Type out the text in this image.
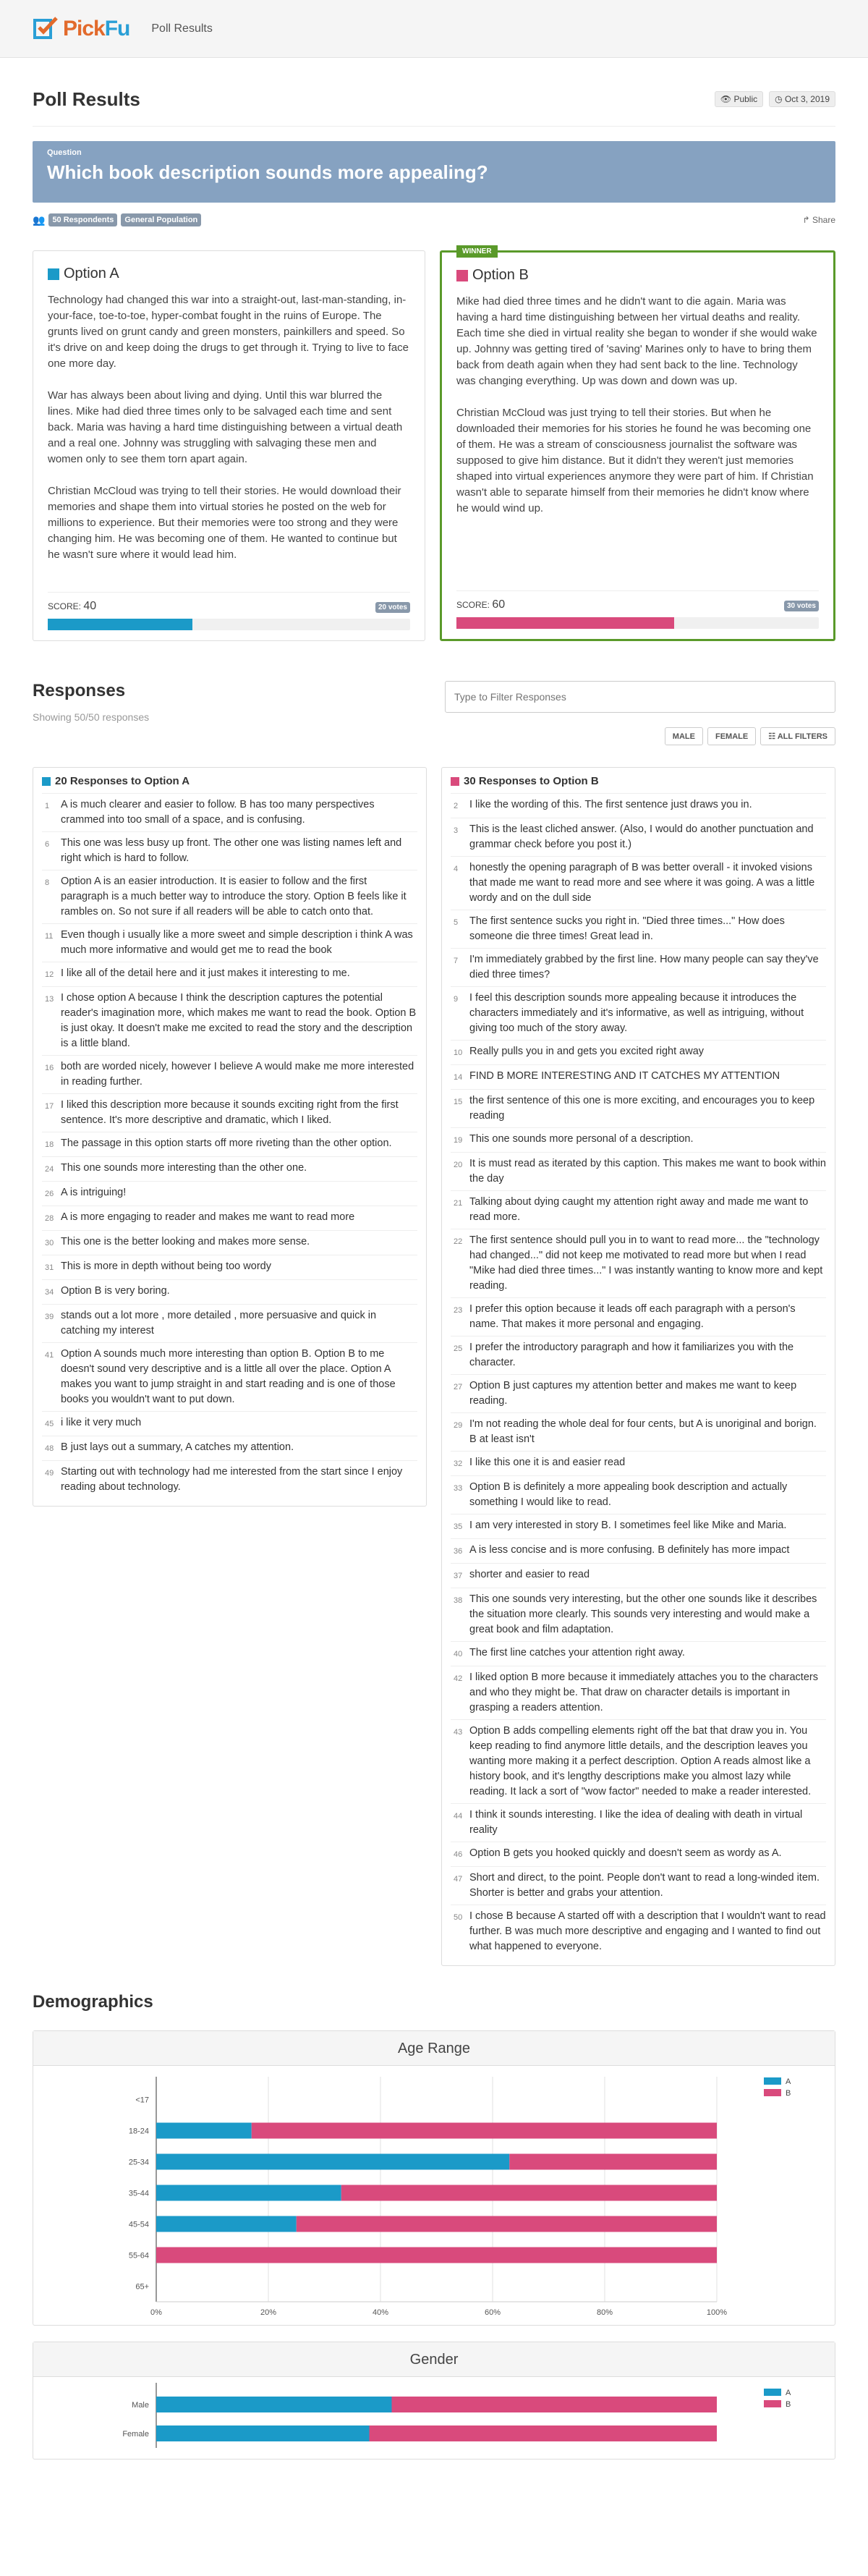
PickFu Poll Results
Poll Results	👁 Public	◷ Oct 3, 2019
Question
Which book description sounds more appealing?
👥 50 Respondents	General Population	↱ Share
Option A
Technology had changed this war into a straight-out, last-man-standing, in-your-face, toe-to-toe, hyper-combat fought in the ruins of Europe. The grunts lived on grunt candy and green monsters, painkillers and speed. So it's drive on and keep doing the drugs to get through it. Trying to live to face one more day.

War has always been about living and dying. Until this war blurred the lines. Mike had died three times only to be salvaged each time and sent back. Maria was having a hard time distinguishing between a virtual death and a real one. Johnny was struggling with salvaging these men and women only to see them torn apart again.

Christian McCloud was trying to tell their stories. He would download their memories and shape them into virtual stories he posted on the web for millions to experience. But their memories were too strong and they were changing him. He was becoming one of them. He wanted to continue but he wasn't sure where it would lead him.
SCORE: 40	20 votes
WINNER
Option B
Mike had died three times and he didn't want to die again. Maria was having a hard time distinguishing between her virtual deaths and reality. Each time she died in virtual reality she began to wonder if she would wake up. Johnny was getting tired of 'saving' Marines only to have to bring them back from death again when they had sent back to the line. Technology was changing everything. Up was down and down was up.

Christian McCloud was just trying to tell their stories. But when he downloaded their memories for his stories he found he was becoming one of them. He was a stream of consciousness journalist the software was supposed to give him distance. But it didn't they weren't just memories shaped into virtual experiences anymore they were part of him. If Christian wasn't able to separate himself from their memories he didn't know where he would wind up.
SCORE: 60	30 votes
Responses
Showing 50/50 responses
Type to Filter Responses
MALE	FEMALE	☷ ALL FILTERS
20 Responses to Option A
1	A is much clearer and easier to follow. B has too many perspectives crammed into too small of a space, and is confusing.
6	This one was less busy up front. The other one was listing names left and right which is hard to follow.
8	Option A is an easier introduction. It is easier to follow and the first paragraph is a much better way to introduce the story. Option B feels like it rambles on. So not sure if all readers will be able to catch onto that.
11 Even though i usually like a more sweet and simple description i think A was much more informative and would get me to read the book
12 I like all of the detail here and it just makes it interesting to me.
13 I chose option A because I think the description captures the potential reader's imagination more, which makes me want to read the book. Option B is just okay. It doesn't make me excited to read the story and the description is a little bland.
16 both are worded nicely, however I believe A would make me more interested in reading further.
17 I liked this description more because it sounds exciting right from the first sentence. It's more descriptive and dramatic, which I liked.
18 The passage in this option starts off more riveting than the other option.
24 This one sounds more interesting than the other one.
26 A is intriguing!
28 A is more engaging to reader and makes me want to read more
30 This one is the better looking and makes more sense.
31 This is more in depth without being too wordy
34 Option B is very boring.
39 stands out a lot more , more detailed , more persuasive and quick in catching my interest
41 Option A sounds much more interesting than option B. Option B to me doesn't sound very descriptive and is a little all over the place. Option A makes you want to jump straight in and start reading and is one of those books you wouldn't want to put down.
45 i like it very much
48 B just lays out a summary, A catches my attention.
49 Starting out with technology had me interested from the start since I enjoy reading about technology.
30 Responses to Option B
2	I like the wording of this. The first sentence just draws you in.
3	This is the least cliched answer. (Also, I would do another punctuation and grammar check before you post it.)
4	honestly the opening paragraph of B was better overall - it invoked visions that made me want to read more and see where it was going. A was a little wordy and on the dull side
5	The first sentence sucks you right in. "Died three times..." How does someone die three times! Great lead in.
7	I'm immediately grabbed by the first line. How many people can say they've died three times?
9	I feel this description sounds more appealing because it introduces the characters immediately and it's informative, as well as intriguing, without giving too much of the story away.
10 Really pulls you in and gets you excited right away
14 FIND B MORE INTERESTING AND IT CATCHES MY ATTENTION
15 the first sentence of this one is more exciting, and encourages you to keep reading
19 This one sounds more personal of a description.
20 It is must read as iterated by this caption. This makes me want to book within the day
21 Talking about dying caught my attention right away and made me want to read more.
22 The first sentence should pull you in to want to read more... the "technology had changed..." did not keep me motivated to read more but when I read "Mike had died three times..." I was instantly wanting to know more and kept reading.
23 I prefer this option because it leads off each paragraph with a person's name. That makes it more personal and engaging.
25 I prefer the introductory paragraph and how it familiarizes you with the character.
27 Option B just captures my attention better and makes me want to keep reading.
29 I'm not reading the whole deal for four cents, but A is unoriginal and borign. B at least isn't
32 I like this one it is and easier read
33 Option B is definitely a more appealing book description and actually something I would like to read.
35 I am very interested in story B. I sometimes feel like Mike and Maria.
36 A is less concise and is more confusing. B definitely has more impact
37 shorter and easier to read
38 This one sounds very interesting, but the other one sounds like it describes the situation more clearly. This sounds very interesting and would make a great book and film adaptation.
40 The first line catches your attention right away.
42 I liked option B more because it immediately attaches you to the characters and who they might be. That draw on character details is important in grasping a readers attention.
43 Option B adds compelling elements right off the bat that draw you in. You keep reading to find anymore little details, and the description leaves you wanting more making it a perfect description. Option A reads almost like a history book, and it's lengthy descriptions make you almost lazy while reading. It lack a sort of "wow factor" needed to make a reader interested.
44 I think it sounds interesting. I like the idea of dealing with death in virtual reality
46 Option B gets you hooked quickly and doesn't seem as wordy as A.
47 Short and direct, to the point. People don't want to read a long-winded item. Shorter is better and grabs your attention.
50 I chose B because A started off with a description that I wouldn't want to read further. B was much more descriptive and engaging and I wanted to find out what happened to everyone.
Demographics
Age Range
<17
18-24
25-34
35-44
45-54
55-64
65+
0%	20%	40%	60%	80%	100%
A
B
Gender
Male
Female
A
B
